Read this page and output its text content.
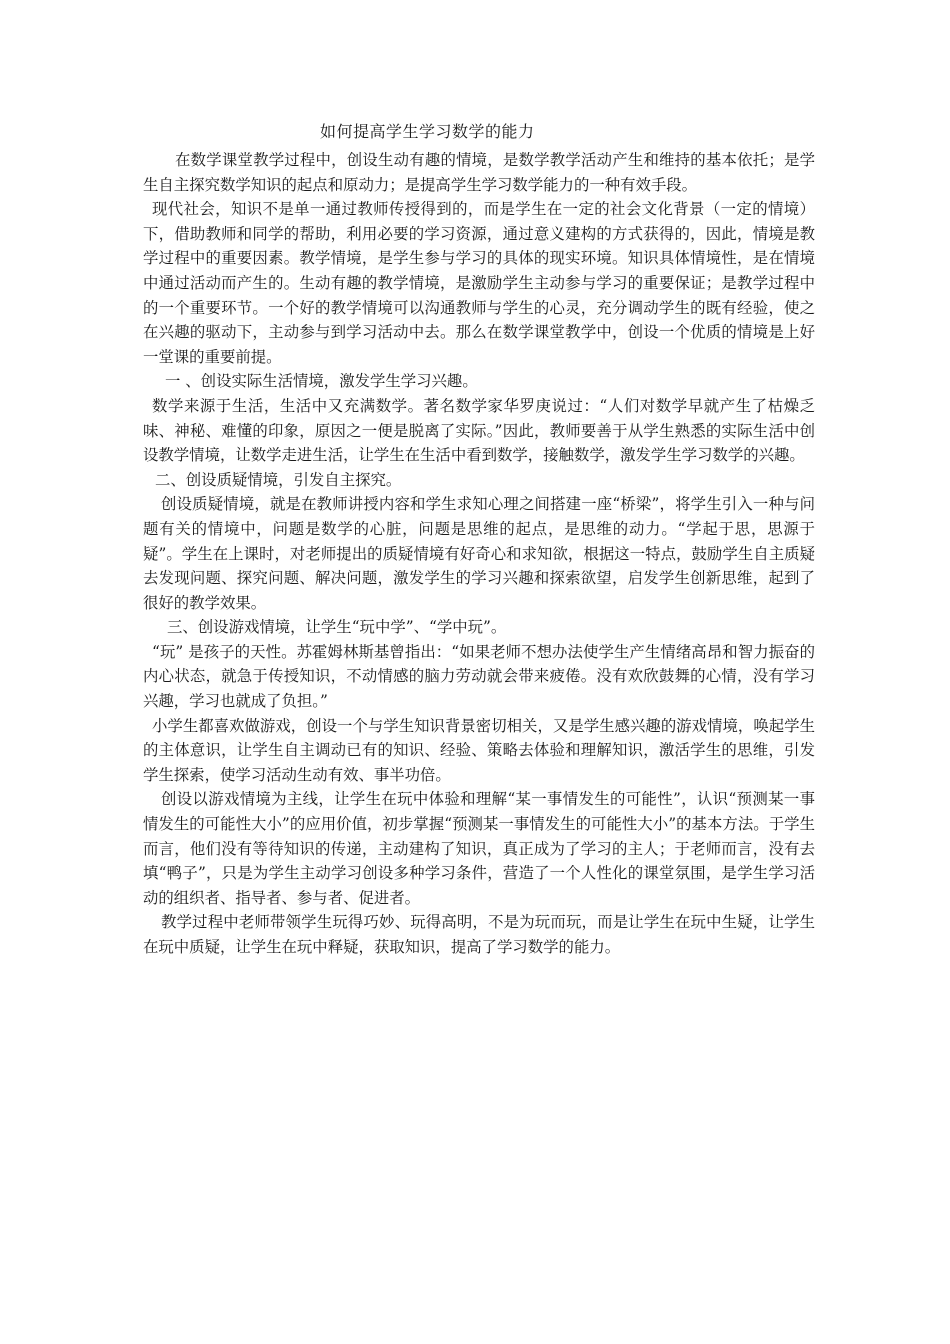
如何提高学生学习数学的能力

在数学课堂教学过程中，创设生动有趣的情境，是数学教学活动产生和维持的基本依托；是学生自主探究数学知识的起点和原动力；是提高学生学习数学能力的一种有效手段。

现代社会，知识不是单一通过教师传授得到的，而是学生在一定的社会文化背景（一定的情境）下，借助教师和同学的帮助，利用必要的学习资源，通过意义建构的方式获得的，因此，情境是教学过程中的重要因素。教学情境，是学生参与学习的具体的现实环境。知识具体情境性，是在情境中通过活动而产生的。生动有趣的教学情境，是激励学生主动参与学习的重要保证；是教学过程中的一个重要环节。一个好的教学情境可以沟通教师与学生的心灵，充分调动学生的既有经验，使之在兴趣的驱动下，主动参与到学习活动中去。那么在数学课堂教学中，创设一个优质的情境是上好一堂课的重要前提。

一 、创设实际生活情境，激发学生学习兴趣。

数学来源于生活，生活中又充满数学。著名数学家华罗庚说过：“人们对数学早就产生了枯燥乏味、神秘、难懂的印象，原因之一便是脱离了实际。”因此，教师要善于从学生熟悉的实际生活中创设教学情境，让数学走进生活，让学生在生活中看到数学，接触数学，激发学生学习数学的兴趣。

二、创设质疑情境，引发自主探究。

创设质疑情境，就是在教师讲授内容和学生求知心理之间搭建一座“桥梁”，将学生引入一种与问题有关的情境中，问题是数学的心脏，问题是思维的起点，是思维的动力。“学起于思，思源于疑”。学生在上课时，对老师提出的质疑情境有好奇心和求知欲，根据这一特点，鼓励学生自主质疑去发现问题、探究问题、解决问题，激发学生的学习兴趣和探索欲望，启发学生创新思维，起到了很好的教学效果。

三、创设游戏情境，让学生“玩中学”、“学中玩”。

“玩” 是孩子的天性。苏霍姆林斯基曾指出：“如果老师不想办法使学生产生情绪高昂和智力振奋的内心状态，就急于传授知识，不动情感的脑力劳动就会带来疲倦。没有欢欣鼓舞的心情，没有学习兴趣，学习也就成了负担。”

小学生都喜欢做游戏，创设一个与学生知识背景密切相关，又是学生感兴趣的游戏情境，唤起学生的主体意识，让学生自主调动已有的知识、经验、策略去体验和理解知识，激活学生的思维，引发学生探索，使学习活动生动有效、事半功倍。

创设以游戏情境为主线，让学生在玩中体验和理解“某一事情发生的可能性”，认识“预测某一事情发生的可能性大小”的应用价值，初步掌握“预测某一事情发生的可能性大小”的基本方法。于学生而言，他们没有等待知识的传递，主动建构了知识，真正成为了学习的主人；于老师而言，没有去填“鸭子”，只是为学生主动学习创设多种学习条件，营造了一个人性化的课堂氛围，是学生学习活动的组织者、指导者、参与者、促进者。

教学过程中老师带领学生玩得巧妙、玩得高明，不是为玩而玩，而是让学生在玩中生疑，让学生在玩中质疑，让学生在玩中释疑，获取知识，提高了学习数学的能力。
